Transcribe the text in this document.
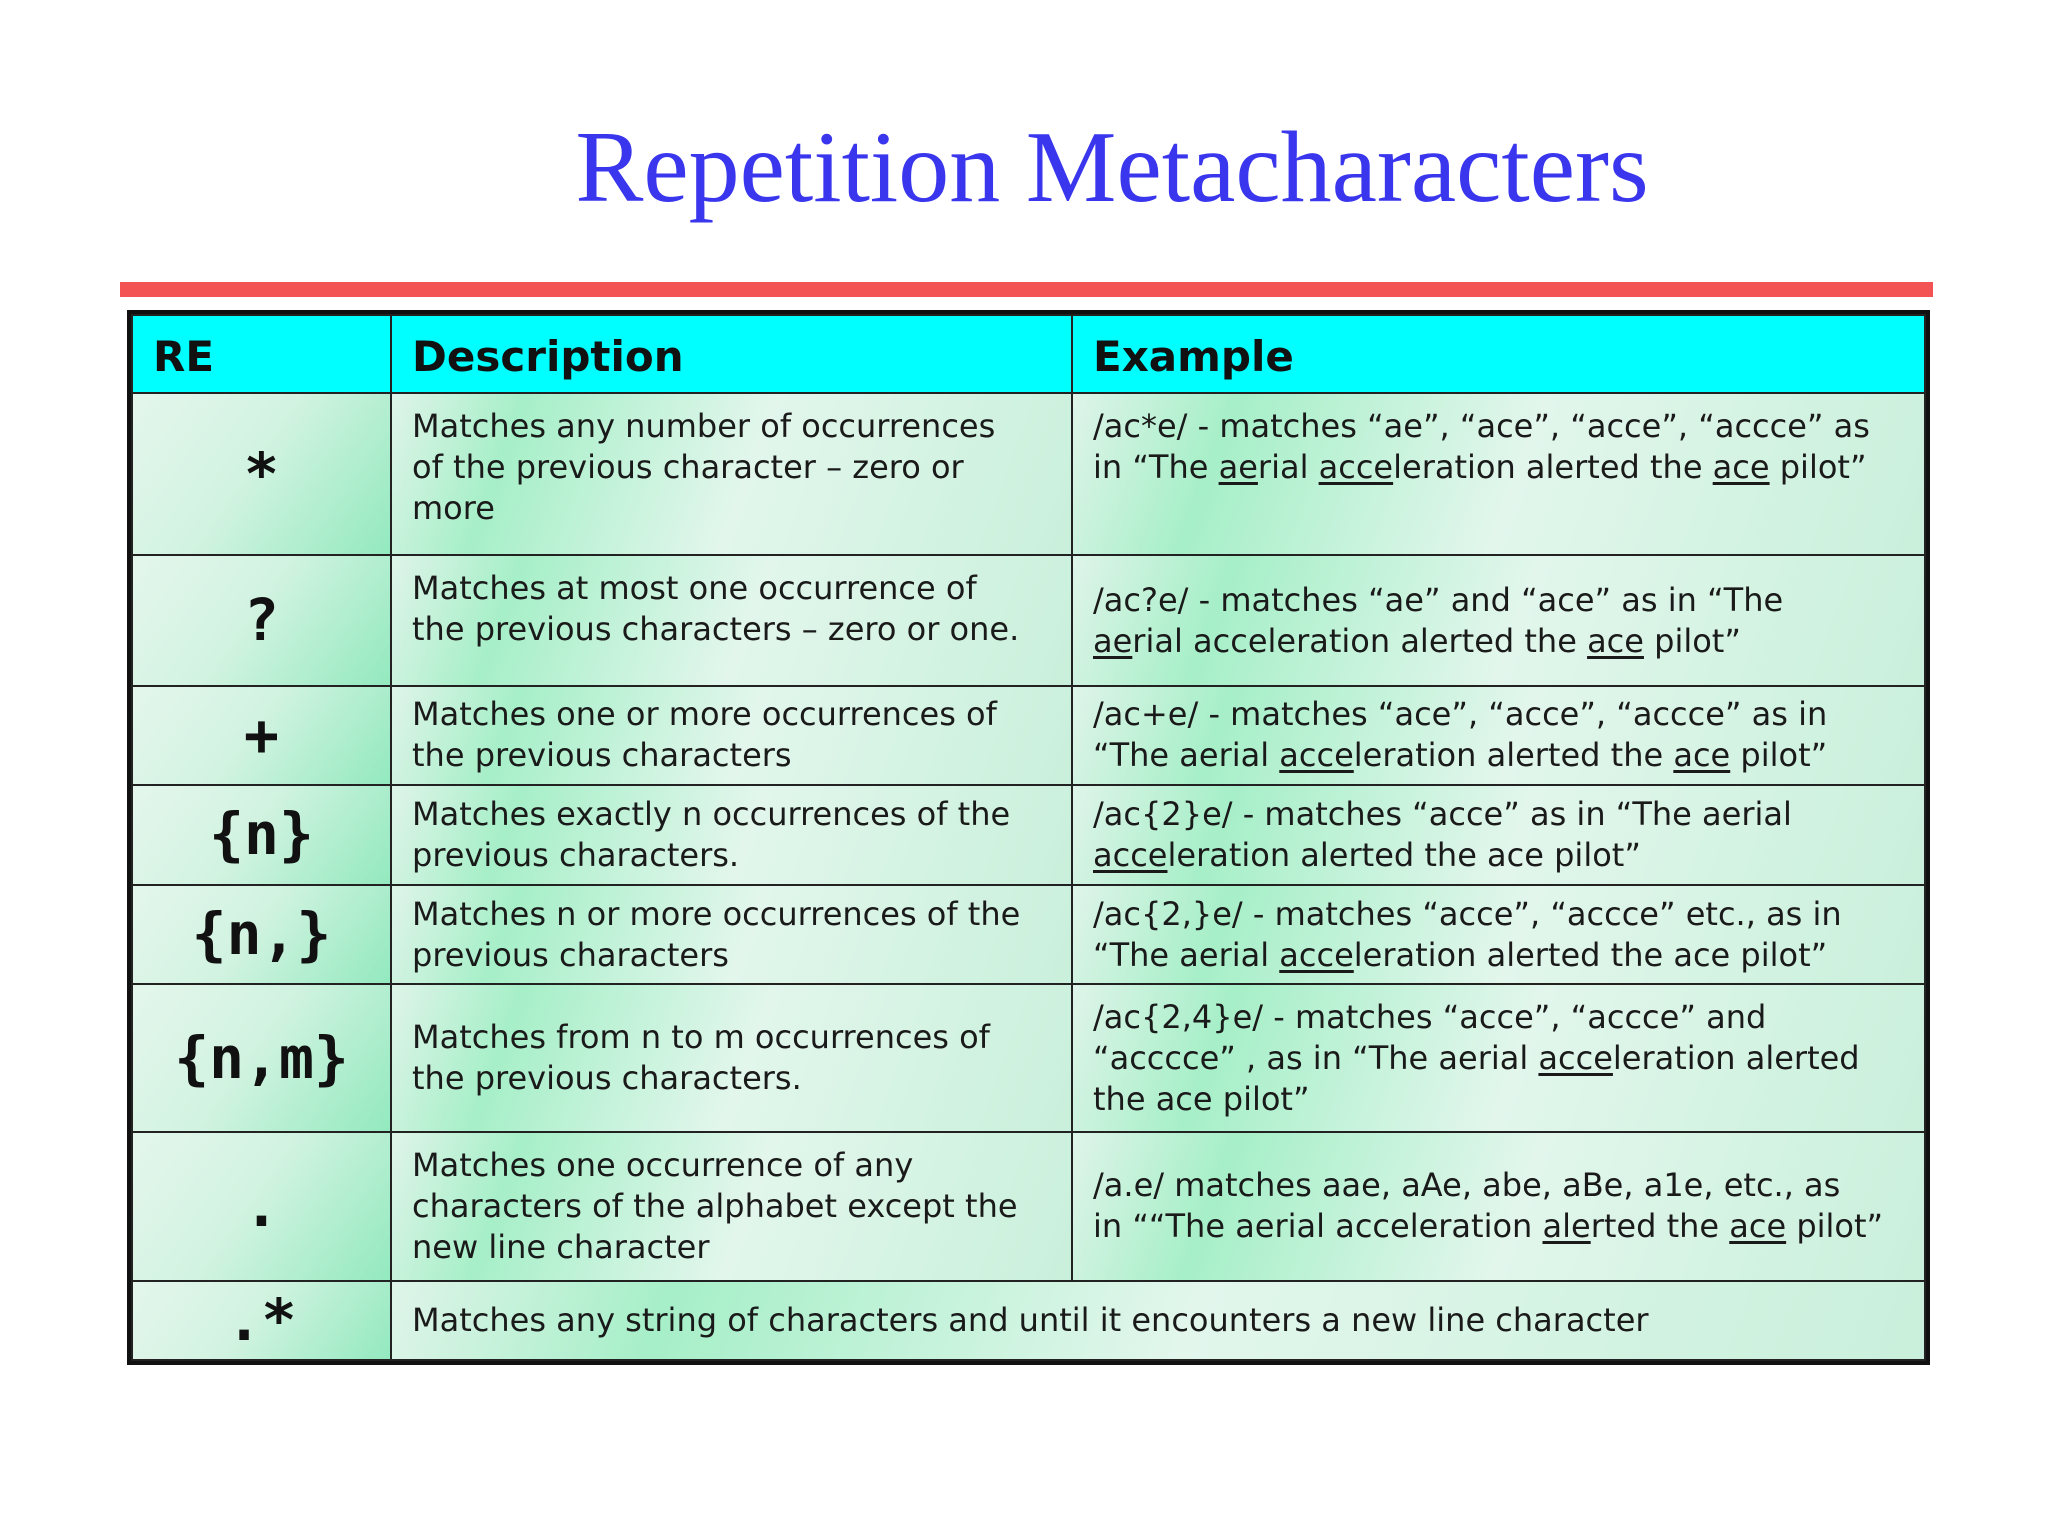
Repetition Metacharacters
RE	Description	Example
*	Matches any number of occurrences
of the previous character – zero or
more	/ac*e/ - matches “ae”, “ace”, “acce”, “accce” as
in “The aerial acceleration alerted the ace pilot”

?	Matches at most one occurrence of
the previous characters – zero or one.	/ac?e/ - matches “ae” and “ace” as in “The
aerial acceleration alerted the ace pilot”

+	Matches one or more occurrences of
the previous characters	/ac+e/ - matches “ace”, “acce”, “accce” as in
“The aerial acceleration alerted the ace pilot”

{n}	Matches exactly n occurrences of the
previous characters.	/ac{2}e/ - matches “acce” as in “The aerial
acceleration alerted the ace pilot”

{n,}	Matches n or more occurrences of the
previous characters	/ac{2,}e/ - matches “acce”, “accce” etc., as in
“The aerial acceleration alerted the ace pilot”

{n,m}	Matches from n to m occurrences of
the previous characters.	/ac{2,4}e/ - matches “acce”, “accce” and
“acccce” , as in “The aerial acceleration alerted
the ace pilot”

.	Matches one occurrence of any
characters of the alphabet except the
new line character	/a.e/ matches aae, aAe, abe, aBe, a1e, etc., as
in ““The aerial acceleration alerted the ace pilot”

.*	Matches any string of characters and until it encounters a new line character	
